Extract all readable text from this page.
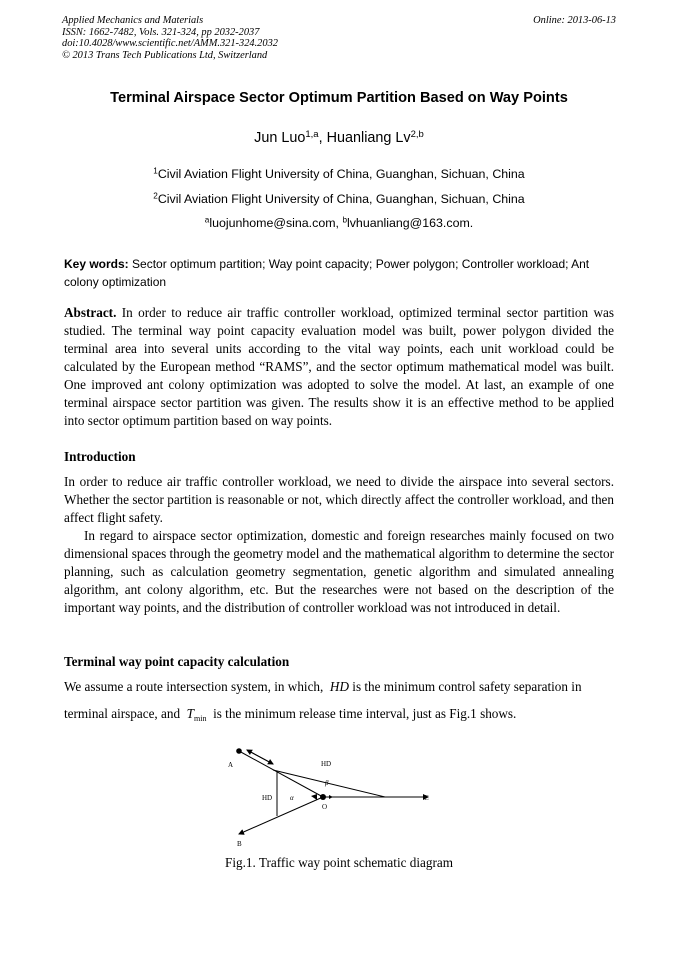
Applied Mechanics and Materials
ISSN: 1662-7482, Vols. 321-324, pp 2032-2037
doi:10.4028/www.scientific.net/AMM.321-324.2032
© 2013 Trans Tech Publications Ltd, Switzerland
Online: 2013-06-13
Terminal Airspace Sector Optimum Partition Based on Way Points
Jun Luo$^{1,a}$, Huanliang Lv$^{2,b}$
$^1$Civil Aviation Flight University of China, Guanghan, Sichuan, China
$^2$Civil Aviation Flight University of China, Guanghan, Sichuan, China
$^a$luojunhome@sina.com, $^b$lvhuanliang@163.com.
Key words: Sector optimum partition; Way point capacity; Power polygon; Controller workload; Ant colony optimization

Abstract. In order to reduce air traffic controller workload, optimized terminal sector partition was studied. The terminal way point capacity evaluation model was built, power polygon divided the terminal area into several units according to the vital way points, each unit workload could be calculated by the European method “RAMS”, and the sector optimum mathematical model was built. One improved ant colony optimization was adopted to solve the model. At last, an example of one terminal airspace sector partition was given. The results show it is an effective method to be applied into sector optimum partition based on way points.

Introduction

In order to reduce air traffic controller workload, we need to divide the airspace into several sectors. Whether the sector partition is reasonable or not, which directly affect the controller workload, and then affect flight safety.

In regard to airspace sector optimization, domestic and foreign researches mainly focused on two dimensional spaces through the geometry model and the mathematical algorithm to determine the sector planning, such as calculation geometry segmentation, genetic algorithm and simulated annealing algorithm, ant colony algorithm, etc. But the researches were not based on the description of the important way points, and the distribution of controller workload was not introduced in detail.

Terminal way point capacity calculation

We assume a route intersection system, in which, HD is the minimum control safety separation in

terminal airspace, and $T_{min}$ is the minimum release time interval, just as Fig.1 shows.

A
B
C
O
HD
HD	α
β
Fig.1. Traffic way point schematic diagram
